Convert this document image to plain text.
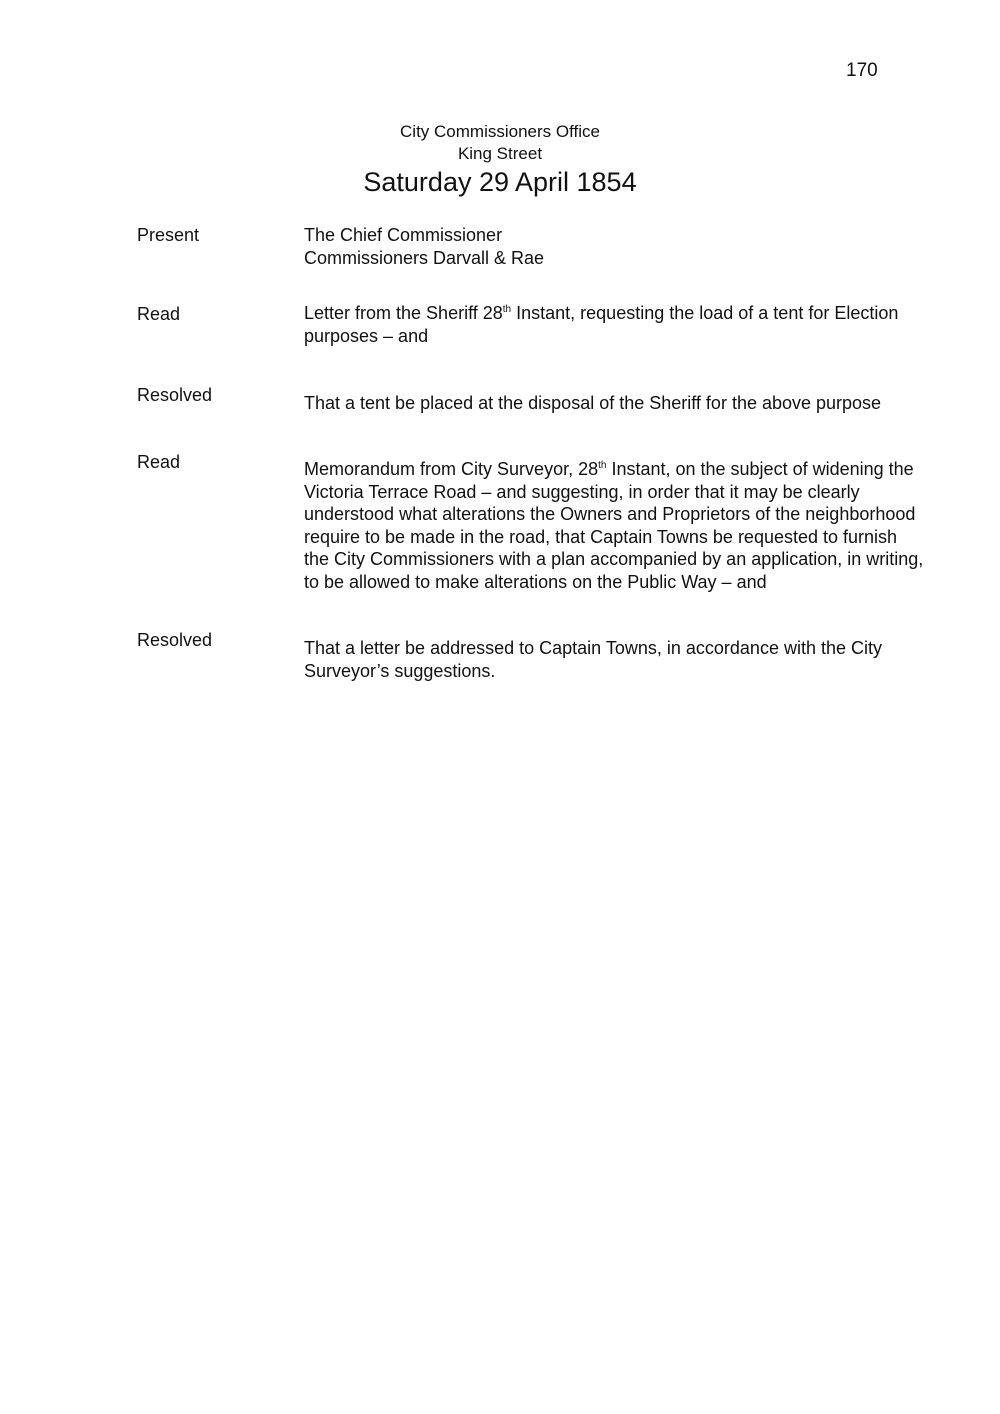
170
City Commissioners Office
King Street
Saturday 29 April 1854
Present	The Chief Commissioner
Commissioners Darvall & Rae
Read	Letter from the Sheriff 28th Instant, requesting the load of a tent for Election purposes – and
Resolved	That a tent be placed at the disposal of the Sheriff for the above purpose
Read	Memorandum from City Surveyor, 28th Instant, on the subject of widening the Victoria Terrace Road – and suggesting, in order that it may be clearly understood what alterations the Owners and Proprietors of the neighborhood require to be made in the road, that Captain Towns be requested to furnish the City Commissioners with a plan accompanied by an application, in writing, to be allowed to make alterations on the Public Way – and
Resolved	That a letter be addressed to Captain Towns, in accordance with the City Surveyor’s suggestions.
